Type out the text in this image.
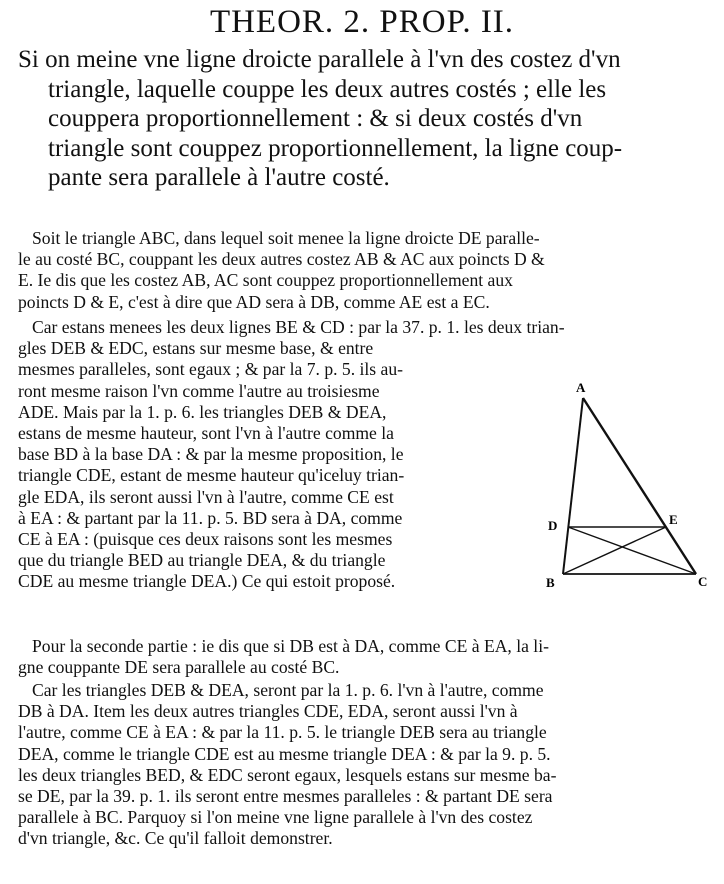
THEOR. 2. PROP. II.
Si on meine vne ligne droicte parallele à l'vn des costez d'vn
triangle, laquelle couppe les deux autres costés ; elle les
couppera proportionnellement : & si deux costés d'vn
triangle sont couppez proportionnellement, la ligne coup-
pante sera parallele à l'autre costé.
Soit le triangle ABC, dans lequel soit menee la ligne droicte DE paralle-
le au costé BC, couppant les deux autres costez AB & AC aux poincts D &
E. Ie dis que les costez AB, AC sont couppez proportionnellement aux
poincts D & E, c'est à dire que AD sera à DB, comme AE est a EC.
Car estans menees les deux lignes BE & CD : par la 37. p. 1. les deux trian-
gles DEB & EDC, estans sur mesme base, & entre
mesmes paralleles, sont egaux ; & par la 7. p. 5. ils au-
ront mesme raison l'vn comme l'autre au troisiesme
ADE. Mais par la 1. p. 6. les triangles DEB & DEA,
estans de mesme hauteur, sont l'vn à l'autre comme la
base BD à la base DA : & par la mesme proposition, le
triangle CDE, estant de mesme hauteur qu'iceluy trian-
gle EDA, ils seront aussi l'vn à l'autre, comme CE est
à EA : & partant par la 11. p. 5. BD sera à DA, comme
CE à EA : (puisque ces deux raisons sont les mesmes
que du triangle BED au triangle DEA, & du triangle
CDE au mesme triangle DEA.) Ce qui estoit proposé.
Pour la seconde partie : ie dis que si DB est à DA, comme CE à EA, la li-
gne couppante DE sera parallele au costé BC.
Car les triangles DEB & DEA, seront par la 1. p. 6. l'vn à l'autre, comme
DB à DA. Item les deux autres triangles CDE, EDA, seront aussi l'vn à
l'autre, comme CE à EA : & par la 11. p. 5. le triangle DEB sera au triangle
DEA, comme le triangle CDE est au mesme triangle DEA : & par la 9. p. 5.
les deux triangles BED, & EDC seront egaux, lesquels estans sur mesme ba-
se DE, par la 39. p. 1. ils seront entre mesmes paralleles : & partant DE sera
parallele à BC. Parquoy si l'on meine vne ligne parallele à l'vn des costez
d'vn triangle, &c. Ce qu'il falloit demonstrer.
A
B	C
D	E
